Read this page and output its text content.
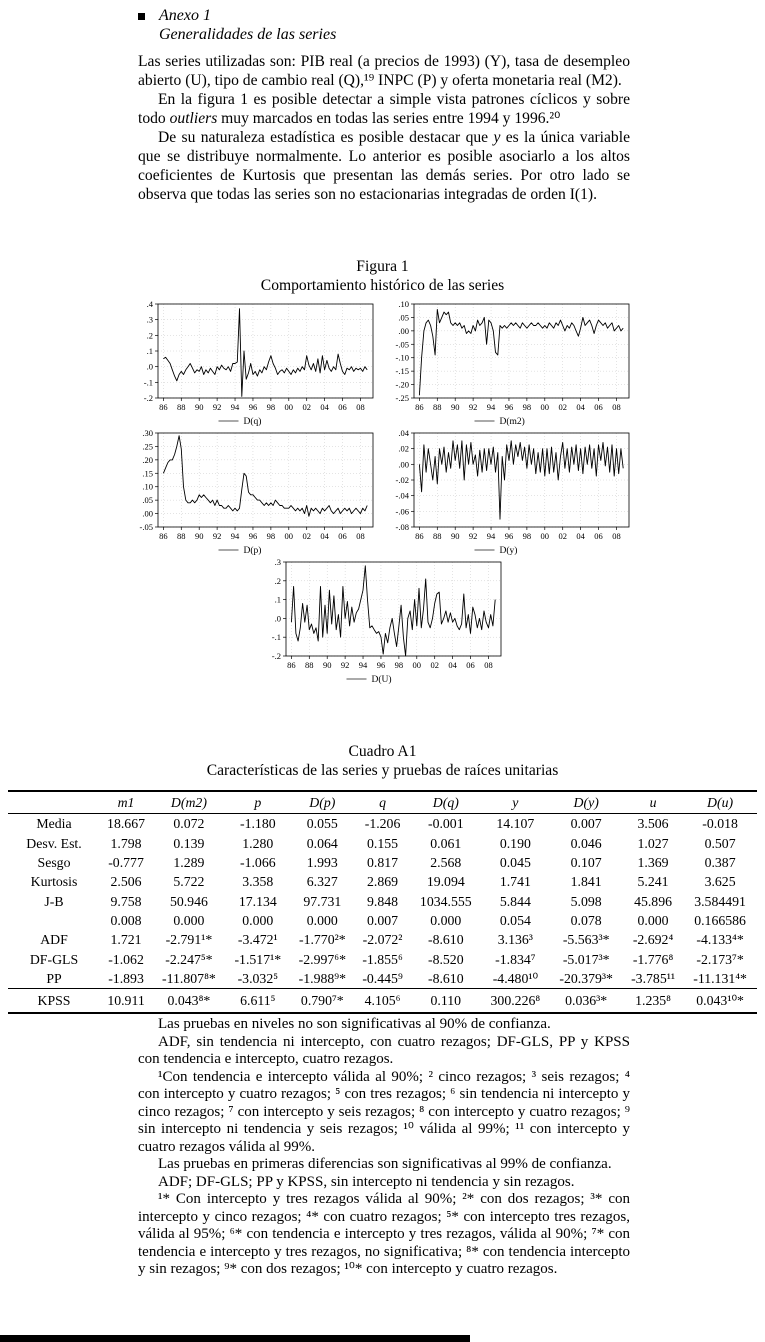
Anexo 1
Generalidades de las series

Las series utilizadas son: PIB real (a precios de 1993) (Y), tasa de desempleo abierto (U), tipo de cambio real (Q),¹⁹ INPC (P) y oferta monetaria real (M2).

En la figura 1 es posible detectar a simple vista patrones cíclicos y sobre todo outliers muy marcados en todas las series entre 1994 y 1996.²⁰

De su naturaleza estadística es posible destacar que y es la única variable que se distribuye normalmente. Lo anterior es posible asociarlo a los altos coeficientes de Kurtosis que presentan las demás series. Por otro lado se observa que todas las series son no estacionarias integradas de orden I(1).

Figura 1
Comportamiento histórico de las series
.4
.3
.2
.1
.0
-.1
-.2
86 88 90 92 94 96 98 00 02 04 06 08
D(q)
.10
.05
.00
-.05
-.10
-.15
-.20
-.25
86 88 90 92 94 96 98 00 02 04 06 08
D(m2)
.30
.25
.20
.15
.10
.05
.00
-.05
86 88 90 92 94 96 98 00 02 04 06 08
D(p)
.04
.02
.00
-.02
-.04
-.06
-.08
86 88 90 92 94 96 98 00 02 04 06 08
D(y)
.3
.2
.1
.0
-.1
-.2
86 88 90 92 94 96 98 00 02 04 06 08
D(U)
Cuadro A1
Características de las series y pruebas de raíces unitarias
	m1	D(m2)	p	D(p)	q	D(q)	y	D(y)	u	D(u)
Media	18.667	0.072	-1.180	0.055	-1.206	-0.001	14.107	0.007	3.506	-0.018
Desv. Est.	1.798	0.139	1.280	0.064	0.155	0.061	0.190	0.046	1.027	0.507
Sesgo	-0.777	1.289	-1.066	1.993	0.817	2.568	0.045	0.107	1.369	0.387
Kurtosis	2.506	5.722	3.358	6.327	2.869	19.094	1.741	1.841	5.241	3.625
J-B	9.758	50.946	17.134	97.731	9.848	1034.555	5.844	5.098	45.896	3.584491
	0.008	0.000	0.000	0.000	0.007	0.000	0.054	0.078	0.000	0.166586
ADF	1.721	-2.791¹*	-3.472¹	-1.770²*	-2.072²	-8.610	3.136³	-5.563³*	-2.692⁴	-4.133⁴*
DF-GLS	-1.062	-2.247⁵*	-1.517¹*	-2.997⁶*	-1.855⁶	-8.520	-1.834⁷	-5.017³*	-1.776⁸	-2.173⁷*
PP	-1.893	-11.807⁸*	-3.032⁵	-1.988⁹*	-0.445⁹	-8.610	-4.480¹⁰	-20.379³*	-3.785¹¹	-11.131⁴*
KPSS	10.911	0.043⁸*	6.611⁵	0.790⁷*	4.105⁶	0.110	300.226⁸	0.036³*	1.235⁸	0.043¹⁰*

Las pruebas en niveles no son significativas al 90% de confianza.

ADF, sin tendencia ni intercepto, con cuatro rezagos; DF-GLS, PP y KPSS con tendencia e intercepto, cuatro rezagos.

¹Con tendencia e intercepto válida al 90%; ² cinco rezagos; ³ seis rezagos; ⁴ con intercepto y cuatro rezagos; ⁵ con tres rezagos; ⁶ sin tendencia ni intercepto y cinco rezagos; ⁷ con intercepto y seis rezagos; ⁸ con intercepto y cuatro rezagos; ⁹ sin intercepto ni tendencia y seis rezagos; ¹⁰ válida al 99%; ¹¹ con intercepto y cuatro rezagos válida al 99%.

Las pruebas en primeras diferencias son significativas al 99% de confianza.

ADF; DF-GLS; PP y KPSS, sin intercepto ni tendencia y sin rezagos.

¹* Con intercepto y tres rezagos válida al 90%; ²* con dos rezagos; ³* con intercepto y cinco rezagos; ⁴* con cuatro rezagos; ⁵* con intercepto tres rezagos, válida al 95%; ⁶* con tendencia e intercepto y tres rezagos, válida al 90%; ⁷* con tendencia e intercepto y tres rezagos, no significativa; ⁸* con tendencia intercepto y sin rezagos; ⁹* con dos rezagos; ¹⁰* con intercepto y cuatro rezagos.
